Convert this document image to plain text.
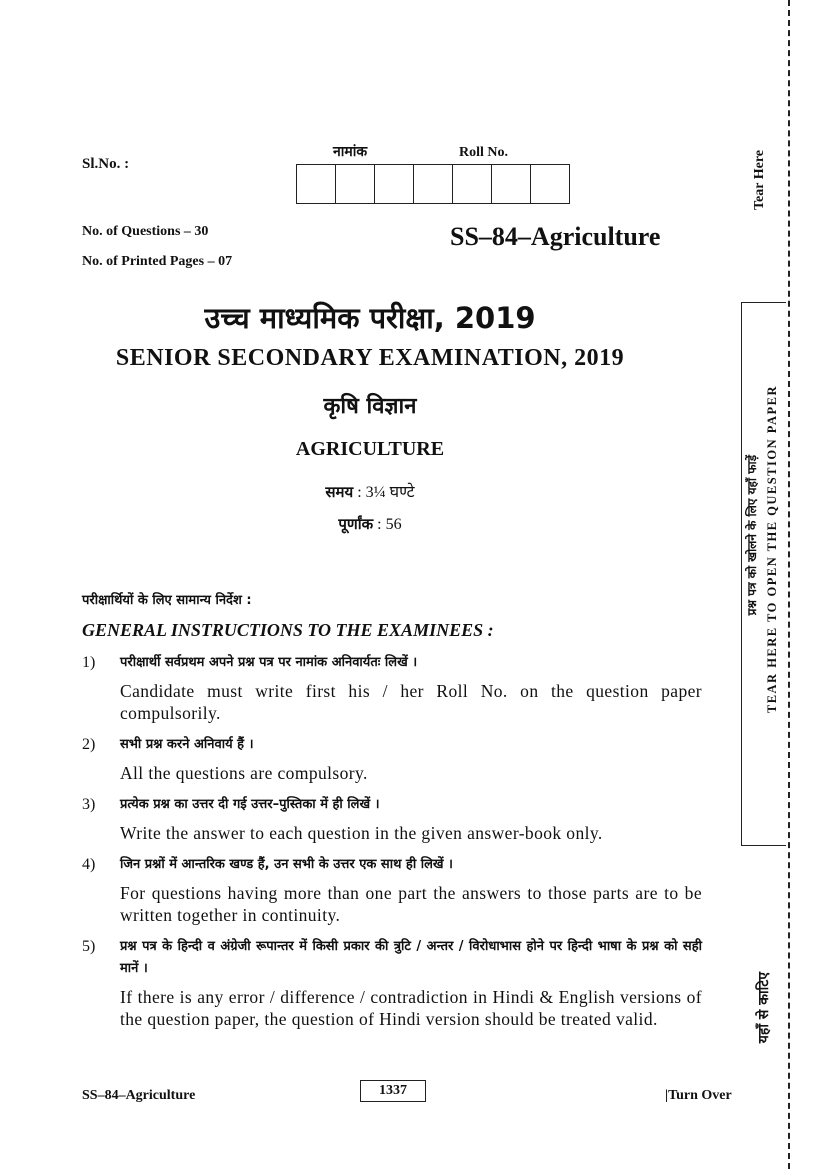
Sl.No. :
नामांक	Roll No.
No. of Questions – 30
No. of Printed Pages – 07
SS–84–Agriculture
उच्च माध्यमिक परीक्षा, 2019
SENIOR SECONDARY EXAMINATION, 2019
कृषि विज्ञान
AGRICULTURE
समय : 3¼ घण्टे
पूर्णांक : 56
परीक्षार्थियों के लिए सामान्य निर्देश :
GENERAL INSTRUCTIONS TO THE EXAMINEES :
1)	परीक्षार्थी सर्वप्रथम अपने प्रश्न पत्र पर नामांक अनिवार्यतः लिखें ।
Candidate must write first his / her Roll No. on the question paper compulsorily.
2)	सभी प्रश्न करने अनिवार्य हैं ।
All the questions are compulsory.
3)	प्रत्येक प्रश्न का उत्तर दी गई उत्तर–पुस्तिका में ही लिखें ।
Write the answer to each question in the given answer-book only.
4)	जिन प्रश्नों में आन्तरिक खण्ड हैं, उन सभी के उत्तर एक साथ ही लिखें ।
For questions having more than one part the answers to those parts are to be written together in continuity.
5)	प्रश्न पत्र के हिन्दी व अंग्रेजी रूपान्तर में किसी प्रकार की त्रुटि / अन्तर / विरोधाभास होने पर हिन्दी भाषा के प्रश्न को सही मानें ।
If there is any error / difference / contradiction in Hindi & English versions of the question paper, the question of Hindi version should be treated valid.
SS–84–Agriculture	1337	|Turn Over
Tear Here
प्रश्न पत्र को खोलने के लिए यहाँ फाड़ें TEAR HERE TO OPEN THE QUESTION PAPER
यहाँ से काटिए
